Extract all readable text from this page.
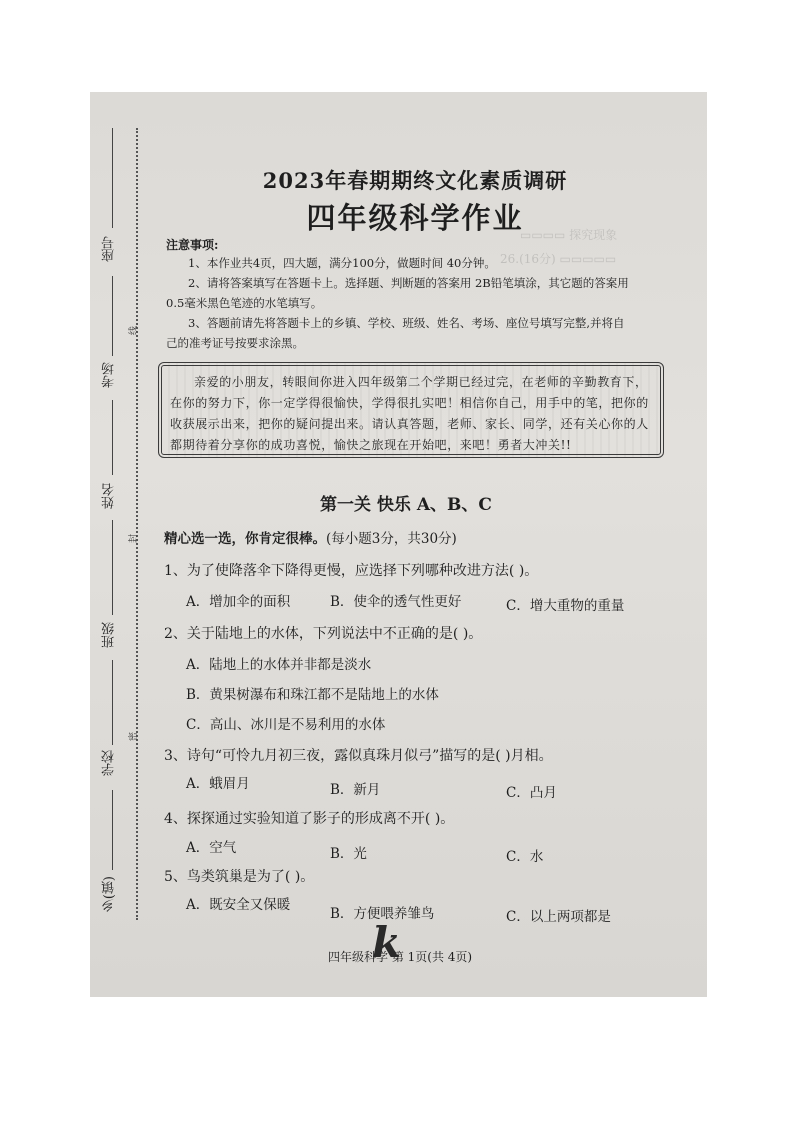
座号
考场
姓名
班级
学校
乡(镇)
线
封
密
▭▭▭▭ 探究现象
26.(16分) ▭▭▭▭▭
2023年春期期终文化素质调研
四年级科学作业
注意事项:
1、本作业共4页，四大题，满分100分，做题时间 40分钟。
2、请将答案填写在答题卡上。选择题、判断题的答案用 2B铅笔填涂，其它题的答案用
0.5毫米黑色笔迹的水笔填写。
3、答题前请先将答题卡上的乡镇、学校、班级、姓名、考场、座位号填写完整,并将自
己的准考证号按要求涂黑。

亲爱的小朋友，转眼间你进入四年级第二个学期已经过完，在老师的辛勤教育下，在你的努力下，你一定学得很愉快，学得很扎实吧！相信你自己，用手中的笔，把你的收获展示出来，把你的疑问提出来。请认真答题，老师、家长、同学，还有关心你的人都期待着分享你的成功喜悦，愉快之旅现在开始吧，来吧！勇者大冲关!!

第一关 快乐 A、B、C
精心选一选，你肯定很棒。(每小题3分，共30分)
1、为了使降落伞下降得更慢，应选择下列哪种改进方法( )。
A．增加伞的面积	B．使伞的透气性更好	C．增大重物的重量
2、关于陆地上的水体，下列说法中不正确的是( )。
A．陆地上的水体并非都是淡水
B．黄果树瀑布和珠江都不是陆地上的水体
C．高山、冰川是不易利用的水体
3、诗句“可怜九月初三夜，露似真珠月似弓”描写的是( )月相。
A．蛾眉月	B．新月	C．凸月
4、探探通过实验知道了影子的形成离不开( )。
A．空气	B．光	C．水
5、鸟类筑巢是为了( )。
A．既安全又保暖
B．方便喂养雏鸟	C．以上两项都是
四年级科学 第 1页(共 4页)
k
